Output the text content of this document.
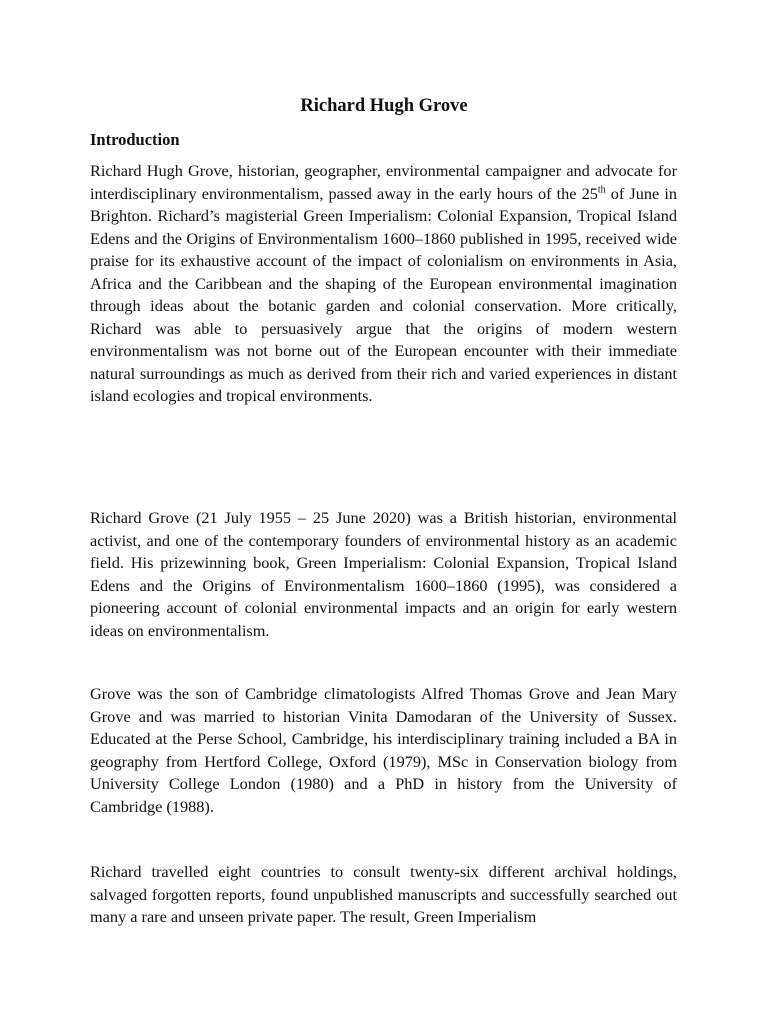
Richard Hugh Grove
Introduction

Richard Hugh Grove, historian, geographer, environmental campaigner and advocate for interdisciplinary environmentalism, passed away in the early hours of the 25th of June in Brighton. Richard’s magisterial Green Imperialism: Colonial Expansion, Tropical Island Edens and the Origins of Environmentalism 1600–1860 published in 1995, received wide praise for its exhaustive account of the impact of colonialism on environments in Asia, Africa and the Caribbean and the shaping of the European environmental imagination through ideas about the botanic garden and colonial conservation. More critically, Richard was able to persuasively argue that the origins of modern western environmentalism was not borne out of the European encounter with their immediate natural surroundings as much as derived from their rich and varied experiences in distant island ecologies and tropical environments.

Richard Grove (21 July 1955 – 25 June 2020) was a British historian, environmental activist, and one of the contemporary founders of environmental history as an academic field. His prizewinning book, Green Imperialism: Colonial Expansion, Tropical Island Edens and the Origins of Environmentalism 1600–1860 (1995), was considered a pioneering account of colonial environmental impacts and an origin for early western ideas on environmentalism.

Grove was the son of Cambridge climatologists Alfred Thomas Grove and Jean Mary Grove and was married to historian Vinita Damodaran of the University of Sussex. Educated at the Perse School, Cambridge, his interdisciplinary training included a BA in geography from Hertford College, Oxford (1979), MSc in Conservation biology from University College London (1980) and a PhD in history from the University of Cambridge (1988).

Richard travelled eight countries to consult twenty-six different archival holdings, salvaged forgotten reports, found unpublished manuscripts and successfully searched out many a rare and unseen private paper. The result, Green Imperialism
